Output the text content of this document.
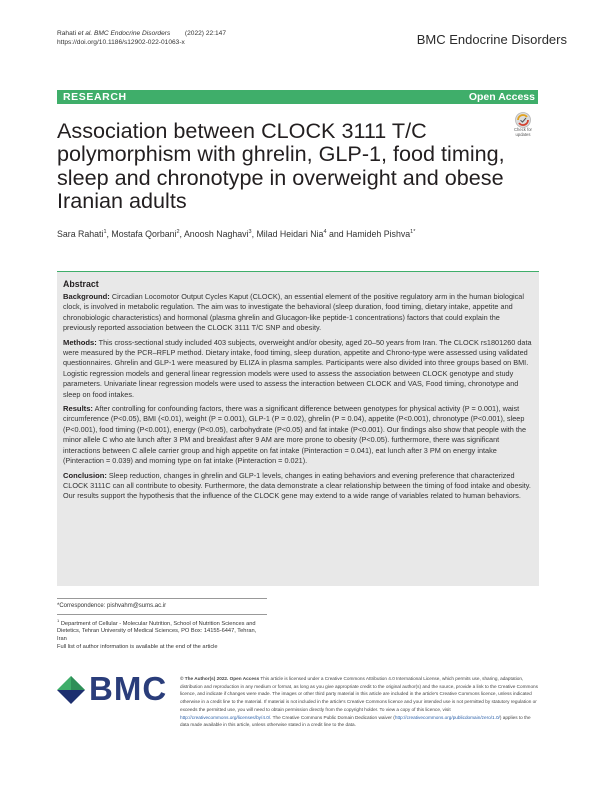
Rahati et al. BMC Endocrine Disorders (2022) 22:147
https://doi.org/10.1186/s12902-022-01063-x	BMC Endocrine Disorders
RESEARCH	Open Access
Association between CLOCK 3111 T/C polymorphism with ghrelin, GLP-1, food timing, sleep and chronotype in overweight and obese Iranian adults
Check for
updates
Sara Rahati$^1$, Mostafa Qorbani$^2$, Anoosh Naghavi$^3$, Milad Heidari Nia$^4$ and Hamideh Pishva$^{1*}$
Abstract

Background: Circadian Locomotor Output Cycles Kaput (CLOCK), an essential element of the positive regulatory arm in the human biological clock, is involved in metabolic regulation. The aim was to investigate the behavioral (sleep duration, food timing, dietary intake, appetite and chronobiologic characteristics) and hormonal (plasma ghrelin and Glucagon-like peptide-1 concentrations) factors that could explain the previously reported association between the CLOCK 3111 T/C SNP and obesity.

Methods: This cross-sectional study included 403 subjects, overweight and/or obesity, aged 20–50 years from Iran. The CLOCK rs1801260 data were measured by the PCR–RFLP method. Dietary intake, food timing, sleep duration, appetite and Chrono-type were assessed using validated questionnaires. Ghrelin and GLP-1 were measured by ELIZA in plasma samples. Participants were also divided into three groups based on BMI. Logistic regression models and general linear regression models were used to assess the association between CLOCK genotype and study parameters. Univariate linear regression models were used to assess the interaction between CLOCK and VAS, Food timing, chronotype and sleep on food intakes.

Results: After controlling for confounding factors, there was a significant difference between genotypes for physical activity (P = 0.001), waist circumference (P<0.05), BMI (<0.01), weight (P = 0.001), GLP-1 (P = 0.02), ghrelin (P = 0.04), appetite (P<0.001), chronotype (P<0.001), sleep (P<0.001), food timing (P<0.001), energy (P<0.05), carbohydrate (P<0.05) and fat intake (P<0.001). Our findings also show that people with the minor allele C who ate lunch after 3 PM and breakfast after 9 AM are more prone to obesity (P<0.05). furthermore, there was significant interactions between C allele carrier group and high appetite on fat intake (Pinteraction = 0.041), eat lunch after 3 PM on energy intake (Pinteraction = 0.039) and morning type on fat intake (Pinteraction = 0.021).

Conclusion: Sleep reduction, changes in ghrelin and GLP-1 levels, changes in eating behaviors and evening preference that characterized CLOCK 3111C can all contribute to obesity. Furthermore, the data demonstrate a clear relationship between the timing of food intake and obesity. Our results support the hypothesis that the influence of the CLOCK gene may extend to a wide range of variables related to human behaviors.

*Correspondence: pishvahm@sums.ac.ir
$^1$ Department of Cellular - Molecular Nutrition, School of Nutrition Sciences and Dietetics, Tehran University of Medical Sciences, PO Box: 14155-6447, Tehran, Iran
Full list of author information is available at the end of the article
BMC	© The Author(s) 2022. Open Access This article is licensed under a Creative Commons Attribution 4.0 International License, which permits use, sharing, adaptation, distribution and reproduction in any medium or format, as long as you give appropriate credit to the original author(s) and the source, provide a link to the Creative Commons licence, and indicate if changes were made. The images or other third party material in this article are included in the article's Creative Commons licence, unless indicated otherwise in a credit line to the material. If material is not included in the article's Creative Commons licence and your intended use is not permitted by statutory regulation or exceeds the permitted use, you will need to obtain permission directly from the copyright holder. To view a copy of this licence, visit http://creativecommons.org/licenses/by/4.0/. The Creative Commons Public Domain Dedication waiver (http://creativecommons.org/publicdomain/zero/1.0/) applies to the data made available in this article, unless otherwise stated in a credit line to the data.
